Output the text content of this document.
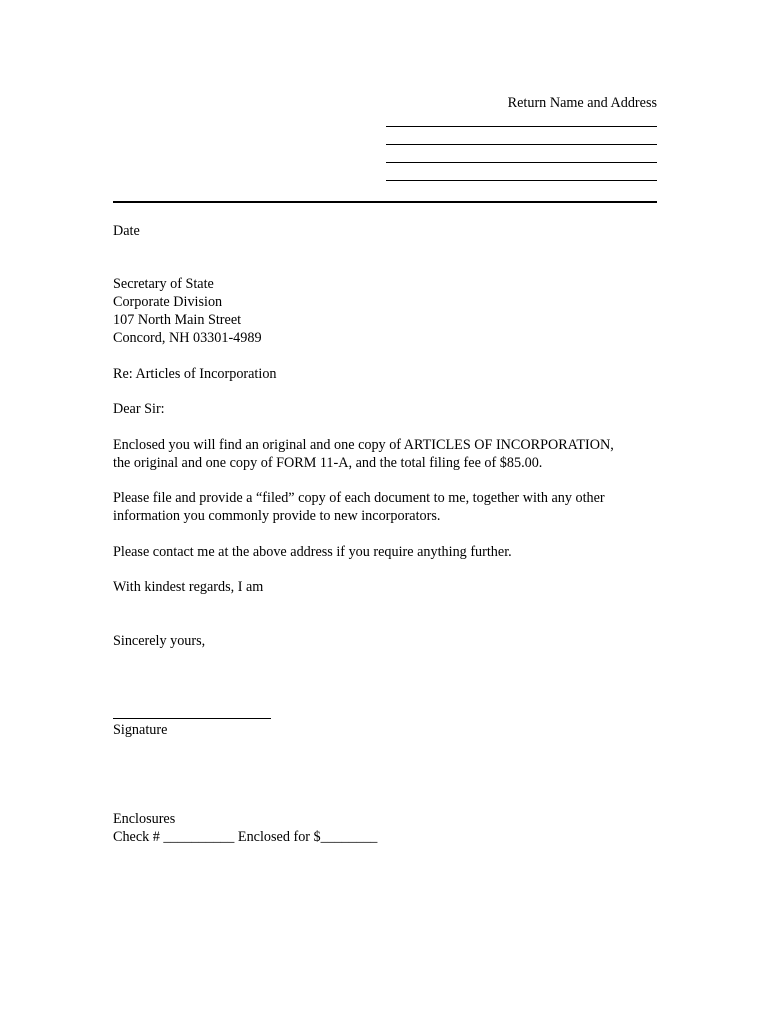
Return Name and Address
Date
Secretary of State
Corporate Division
107 North Main Street
Concord, NH 03301-4989
Re: Articles of Incorporation
Dear Sir:
Enclosed you will find an original and one copy of ARTICLES OF INCORPORATION,
the original and one copy of FORM 11-A, and the total filing fee of $85.00.
Please file and provide a “filed” copy of each document to me, together with any other
information you commonly provide to new incorporators.
Please contact me at the above address if you require anything further.
With kindest regards, I am
Sincerely yours,
Signature
Enclosures
Check # __________ Enclosed for $________
